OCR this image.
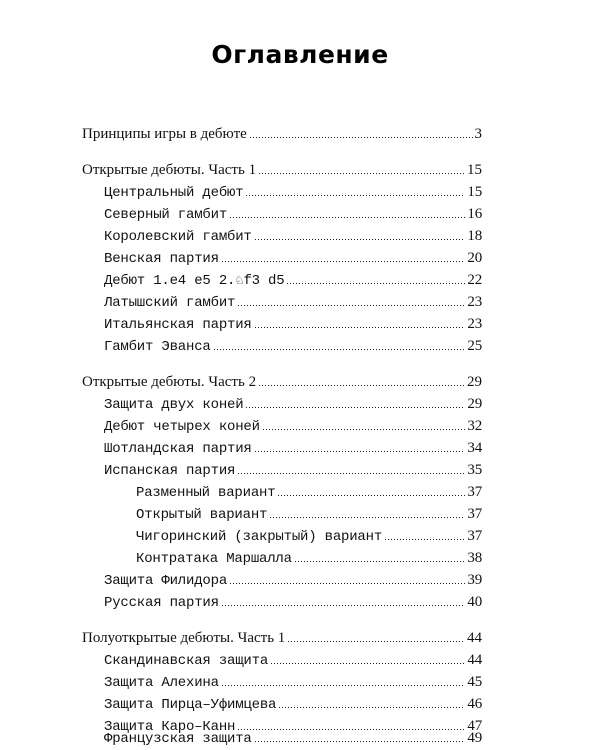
Оглавление
Принципы игры в дебюте	3
Открытые дебюты. Часть 1	15
Центральный дебют	15
Северный гамбит	16
Королевский гамбит	18
Венская партия	20
Дебют 1.e4 e5 2.♘f3 d5	22
Латышский гамбит	23
Итальянская партия	23
Гамбит Эванса	25
Открытые дебюты. Часть 2	29
Защита двух коней	29
Дебют четырех коней	32
Шотландская партия	34
Испанская партия	35
Разменный вариант	37
Открытый вариант	37
Чигоринский (закрытый) вариант	37
Контратака Маршалла	38
Защита Филидора	39
Русская партия	40
Полуоткрытые дебюты. Часть 1	44
Скандинавская защита	44
Защита Алехина	45
Защита Пирца–Уфимцева	46
Защита Каро–Канн	47
Французская защита	49
